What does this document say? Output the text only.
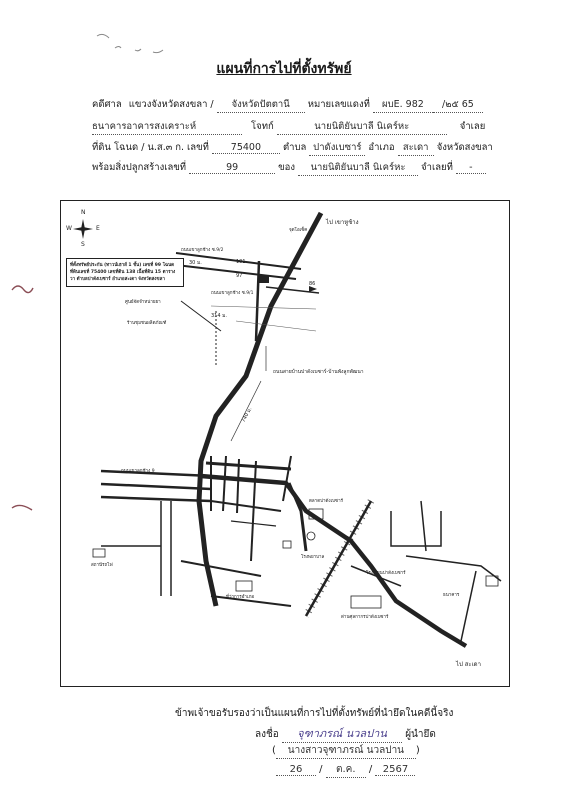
แผนที่การไปที่ตั้งทรัพย์
คดีศาล แขวงจังหวัดสงขลา / จังหวัดปัตตานี หมายเลขแดงที่ ผบE. 982 /๒๕ 65
ธนาคารอาคารสงเคราะห์	โจทก์	นายนิติยันบาลี นิเคร์หะ	จำเลย
ที่ดิน โฉนด / น.ส.๓ ก. เลขที่ 75400 ตำบล ปาดังเบซาร์ อำเภอ สะเดา จังหวัดสงขลา
พร้อมสิ่งปลูกสร้างเลขที่	99	ของ นายนิติยันบาลี นิเคร์หะ จำเลยที่ -
W	E
N
S
ไป เขาหูช้าง
จุดโอเซ็ค
ถนนเขาลูกช้าง ซ.9/2
ถนนเขาลูกช้าง ซ.9/1
101
97
86
30 ม.
314 ม.
740 ม.
ที่ตั้งทรัพย์ประกัน (ทาวน์เฮาส์ 1 ชั้น) เลขที่ 99 โฉนดที่ดินเลขที่ 75400 เลขที่ดิน 138 เนื้อที่ดิน 15 ตารางวา ตำบลปาดังเบซาร์ อำเภอสะเดา จังหวัดสงขลา
ศูนย์จัดจำหน่ายยา
ร้านชุมชนผลิตภัณฑ์
ถนนสายบ้านปาดังเบซาร์-บ้านพังลูกพัฒนา
ถนนเขาลูกช้าง 9
ตลาดปาดังเบซาร์
โรงเรียนปาดังเบซาร์
ที่ว่าการอำเภอ
โรงพยาบาล
ธนาคาร
ด่านศุลกากรปาดังเบซาร์
สถานีรถไฟ
ไป สะเดา
ข้าพเจ้าขอรับรองว่าเป็นแผนที่การไปที่ตั้งทรัพย์ที่นำยึดในคดีนี้จริง
ลงชื่อ จุฑาภรณ์ นวลปาน ผู้นำยึด
( นางสาวจุฑาภรณ์ นวลปาน )
26 / ต.ค. / 2567
